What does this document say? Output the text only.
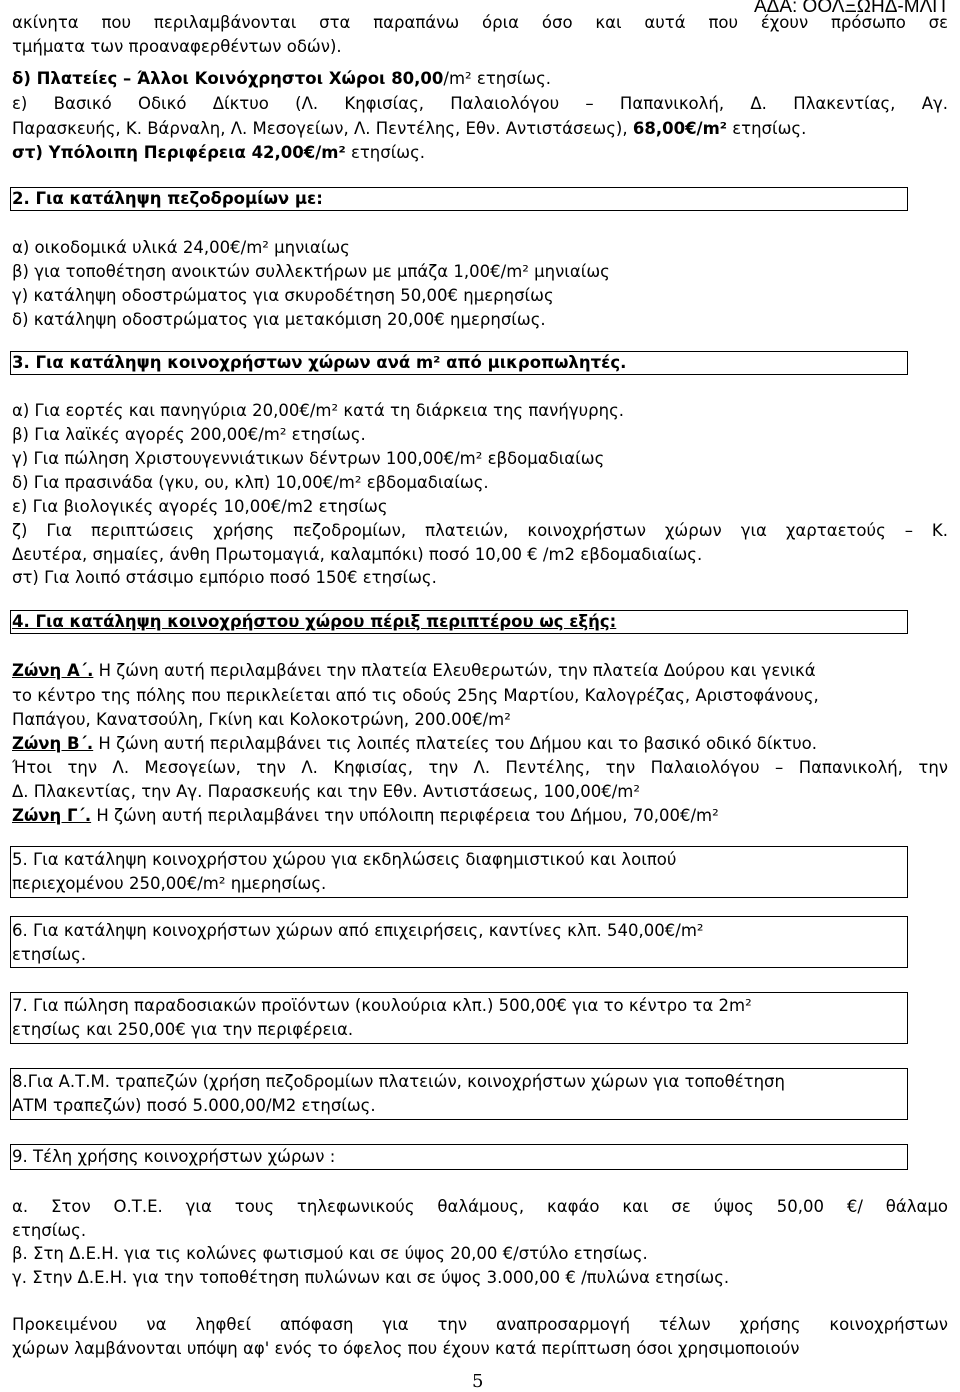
ΑΔΑ: ΟΟΛΞΩΗΔ-ΜΛΠ
ακίνητα που περιλαμβάνονται στα παραπάνω όρια όσο και αυτά που έχουν πρόσωπο σε
τμήματα των προαναφερθέντων οδών).
δ) Πλατείες – Άλλοι Κοινόχρηστοι Χώροι 80,00/m² ετησίως.
ε) Βασικό Οδικό Δίκτυο (Λ. Κηφισίας, Παλαιολόγου – Παπανικολή, Δ. Πλακεντίας, Αγ.
Παρασκευής, Κ. Βάρναλη, Λ. Μεσογείων, Λ. Πεντέλης, Εθν. Αντιστάσεως), 68,00€/m² ετησίως.
στ) Υπόλοιπη Περιφέρεια 42,00€/m² ετησίως.
2. Για κατάληψη πεζοδρομίων με:
α) οικοδομικά υλικά 24,00€/m² μηνιαίως
β) για τοποθέτηση ανοικτών συλλεκτήρων με μπάζα 1,00€/m² μηνιαίως
γ) κατάληψη οδοστρώματος για σκυροδέτηση 50,00€ ημερησίως
δ) κατάληψη οδοστρώματος για μετακόμιση 20,00€ ημερησίως.
3. Για κατάληψη κοινοχρήστων χώρων ανά m² από μικροπωλητές.
α) Για εορτές και πανηγύρια 20,00€/m² κατά τη διάρκεια της πανήγυρης.
β) Για λαϊκές αγορές 200,00€/m² ετησίως.
γ) Για πώληση Χριστουγεννιάτικων δέντρων 100,00€/m² εβδομαδιαίως
δ) Για πρασινάδα (γκυ, ου, κλπ) 10,00€/m² εβδομαδιαίως.
ε) Για βιολογικές αγορές 10,00€/m2 ετησίως
ζ) Για περιπτώσεις χρήσης πεζοδρομίων, πλατειών, κοινοχρήστων χώρων για χαρταετούς – Κ.
Δευτέρα, σημαίες, άνθη Πρωτομαγιά, καλαμπόκι) ποσό 10,00 € /m2 εβδομαδιαίως.
στ) Για λοιπό στάσιμο εμπόριο ποσό 150€ ετησίως.
4. Για κατάληψη κοινοχρήστου χώρου πέριξ περιπτέρου ως εξής:
Ζώνη Α΄. Η ζώνη αυτή περιλαμβάνει την πλατεία Ελευθερωτών, την πλατεία Δούρου και γενικά
το κέντρο της πόλης που περικλείεται από τις οδούς 25ης Μαρτίου, Καλογρέζας, Αριστοφάνους,
Παπάγου, Κανατσούλη, Γκίνη και Κολοκοτρώνη, 200.00€/m²
Ζώνη Β΄. Η ζώνη αυτή περιλαμβάνει τις λοιπές πλατείες του Δήμου και το βασικό οδικό δίκτυο.
Ήτοι την Λ. Μεσογείων, την Λ. Κηφισίας, την Λ. Πεντέλης, την Παλαιολόγου – Παπανικολή, την
Δ. Πλακεντίας, την Αγ. Παρασκευής και την Εθν. Αντιστάσεως, 100,00€/m²
Ζώνη Γ΄. Η ζώνη αυτή περιλαμβάνει την υπόλοιπη περιφέρεια του Δήμου, 70,00€/m²
5. Για κατάληψη κοινοχρήστου χώρου για εκδηλώσεις διαφημιστικού και λοιπού
περιεχομένου 250,00€/m² ημερησίως.
6. Για κατάληψη κοινοχρήστων χώρων από επιχειρήσεις, καντίνες κλπ. 540,00€/m²
ετησίως.
7. Για πώληση παραδοσιακών προϊόντων (κουλούρια κλπ.) 500,00€ για το κέντρο τα 2m²
ετησίως και 250,00€ για την περιφέρεια.
8.Για Α.Τ.Μ. τραπεζών (χρήση πεζοδρομίων πλατειών, κοινοχρήστων χώρων για τοποθέτηση
ΑΤΜ τραπεζών) ποσό 5.000,00/Μ2 ετησίως.
9. Τέλη χρήσης κοινοχρήστων χώρων :
α. Στον Ο.Τ.Ε. για τους τηλεφωνικούς θαλάμους, καφάο και σε ύψος 50,00 €/ θάλαμο
ετησίως.
β. Στη Δ.Ε.Η. για τις κολώνες φωτισμού και σε ύψος 20,00 €/στύλο ετησίως.
γ. Στην Δ.Ε.Η. για την τοποθέτηση πυλώνων και σε ύψος 3.000,00 € /πυλώνα ετησίως.
Προκειμένου να ληφθεί απόφαση για την αναπροσαρμογή τέλων χρήσης κοινοχρήστων
χώρων λαμβάνονται υπόψη αφ' ενός το όφελος που έχουν κατά περίπτωση όσοι χρησιμοποιούν
5
